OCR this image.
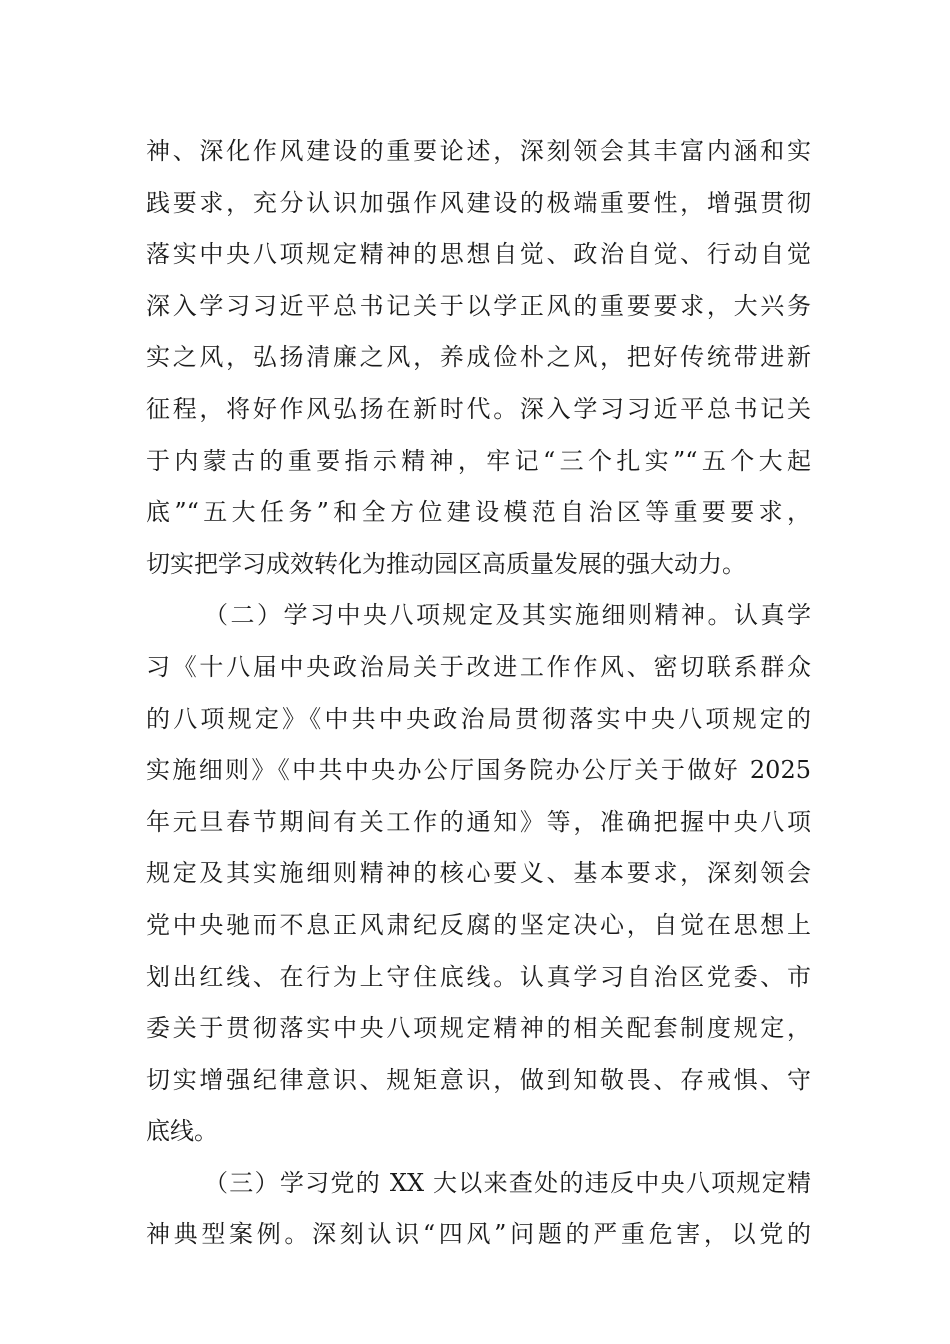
神、深化作风建设的重要论述，深刻领会其丰富内涵和实
践要求，充分认识加强作风建设的极端重要性，增强贯彻
落实中央八项规定精神的思想自觉、政治自觉、行动自觉
深入学习习近平总书记关于以学正风的重要要求，大兴务
实之风，弘扬清廉之风，养成俭朴之风，把好传统带进新
征程，将好作风弘扬在新时代。深入学习习近平总书记关
于内蒙古的重要指示精神，牢记“三个扎实”“五个大起
底”“五大任务”和全方位建设模范自治区等重要要求，
切实把学习成效转化为推动园区高质量发展的强大动力。
（二）学习中央八项规定及其实施细则精神。认真学
习《十八届中央政治局关于改进工作作风、密切联系群众
的八项规定》《中共中央政治局贯彻落实中央八项规定的
实施细则》《中共中央办公厅国务院办公厅关于做好 2025
年元旦春节期间有关工作的通知》等，准确把握中央八项
规定及其实施细则精神的核心要义、基本要求，深刻领会
党中央驰而不息正风肃纪反腐的坚定决心，自觉在思想上
划出红线、在行为上守住底线。认真学习自治区党委、市
委关于贯彻落实中央八项规定精神的相关配套制度规定，
切实增强纪律意识、规矩意识，做到知敬畏、存戒惧、守
底线。
（三）学习党的 XX 大以来查处的违反中央八项规定精
神典型案例。深刻认识“四风”问题的严重危害，以党的
